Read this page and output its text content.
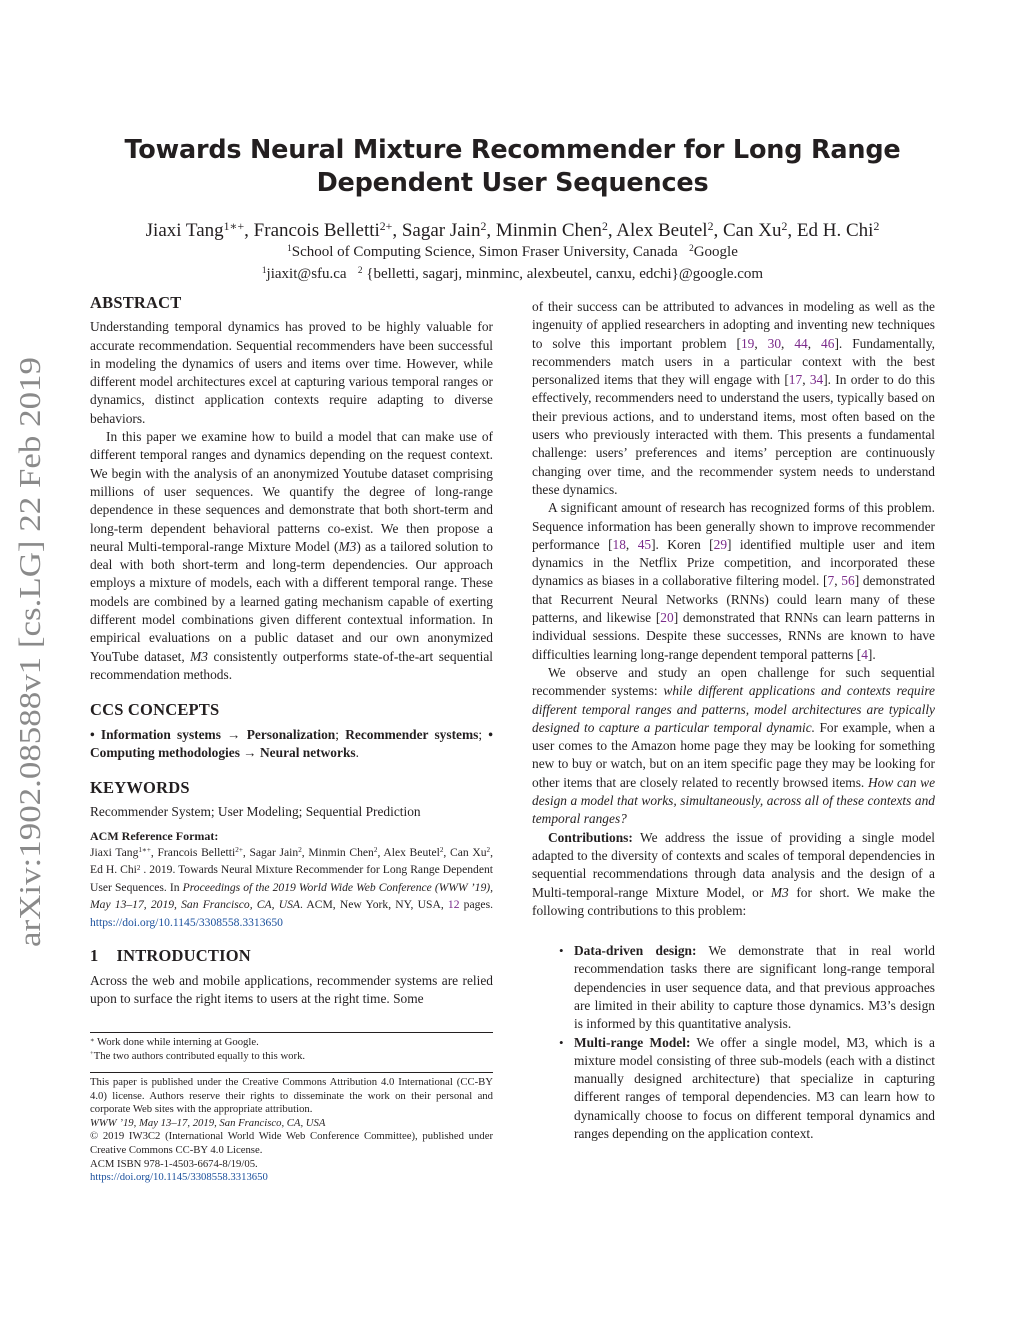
arXiv:1902.08588v1 [cs.LG] 22 Feb 2019
Towards Neural Mixture Recommender for Long Range
Dependent User Sequences
Jiaxi Tang$^{1∗+}$, Francois Belletti$^{2+}$, Sagar Jain$^2$, Minmin Chen$^2$, Alex Beutel$^2$, Can Xu$^2$, Ed H. Chi$^2$
$^1$School of Computing Science, Simon Fraser University, Canada $^2$Google
$^1$jiaxit@sfu.ca $^2$ {belletti, sagarj, minminc, alexbeutel, canxu, edchi}@google.com
ABSTRACT

Understanding temporal dynamics has proved to be highly valuable for accurate recommendation. Sequential recommenders have been successful in modeling the dynamics of users and items over time. However, while different model architectures excel at capturing various temporal ranges or dynamics, distinct application contexts require adapting to diverse behaviors.

In this paper we examine how to build a model that can make use of different temporal ranges and dynamics depending on the request context. We begin with the analysis of an anonymized Youtube dataset comprising millions of user sequences. We quantify the degree of long-range dependence in these sequences and demonstrate that both short-term and long-term dependent behavioral patterns co-exist. We then propose a neural Multi-temporal-range Mixture Model (M3) as a tailored solution to deal with both short-term and long-term dependencies. Our approach employs a mixture of models, each with a different temporal range. These models are combined by a learned gating mechanism capable of exerting different model combinations given different contextual information. In empirical evaluations on a public dataset and our own anonymized YouTube dataset, M3 consistently outperforms state-of-the-art sequential recommendation methods.

CCS CONCEPTS

• Information systems → Personalization; Recommender systems; • Computing methodologies → Neural networks.

KEYWORDS

Recommender System; User Modeling; Sequential Prediction

ACM Reference Format:

Jiaxi Tang$^{1∗+}$, Francois Belletti$^{2+}$, Sagar Jain$^2$, Minmin Chen$^2$, Alex Beutel$^2$, Can Xu$^2$, Ed H. Chi$^2$ . 2019. Towards Neural Mixture Recommender for Long Range Dependent User Sequences. In Proceedings of the 2019 World Wide Web Conference (WWW ’19), May 13–17, 2019, San Francisco, CA, USA. ACM, New York, NY, USA, 12 pages. https://doi.org/10.1145/3308558.3313650

1 INTRODUCTION

Across the web and mobile applications, recommender systems are relied upon to surface the right items to users at the right time. Some

∗ Work done while interning at Google.
+The two authors contributed equally to this work.
This paper is published under the Creative Commons Attribution 4.0 International (CC-BY 4.0) license. Authors reserve their rights to disseminate the work on their personal and corporate Web sites with the appropriate attribution.
WWW ’19, May 13–17, 2019, San Francisco, CA, USA
© 2019 IW3C2 (International World Wide Web Conference Committee), published under Creative Commons CC-BY 4.0 License.
ACM ISBN 978-1-4503-6674-8/19/05.
https://doi.org/10.1145/3308558.3313650

of their success can be attributed to advances in modeling as well as the ingenuity of applied researchers in adopting and inventing new techniques to solve this important problem [19, 30, 44, 46]. Fundamentally, recommenders match users in a particular context with the best personalized items that they will engage with [17, 34]. In order to do this effectively, recommenders need to understand the users, typically based on their previous actions, and to understand items, most often based on the users who previously interacted with them. This presents a fundamental challenge: users’ preferences and items’ perception are continuously changing over time, and the recommender system needs to understand these dynamics.

A significant amount of research has recognized forms of this problem. Sequence information has been generally shown to improve recommender performance [18, 45]. Koren [29] identified multiple user and item dynamics in the Netflix Prize competition, and incorporated these dynamics as biases in a collaborative filtering model. [7, 56] demonstrated that Recurrent Neural Networks (RNNs) could learn many of these patterns, and likewise [20] demonstrated that RNNs can learn patterns in individual sessions. Despite these successes, RNNs are known to have difficulties learning long-range dependent temporal patterns [4].

We observe and study an open challenge for such sequential recommender systems: while different applications and contexts require different temporal ranges and patterns, model architectures are typically designed to capture a particular temporal dynamic. For example, when a user comes to the Amazon home page they may be looking for something new to buy or watch, but on an item specific page they may be looking for other items that are closely related to recently browsed items. How can we design a model that works, simultaneously, across all of these contexts and temporal ranges?

Contributions: We address the issue of providing a single model adapted to the diversity of contexts and scales of temporal dependencies in sequential recommendations through data analysis and the design of a Multi-temporal-range Mixture Model, or M3 for short. We make the following contributions to this problem:

• Data-driven design: We demonstrate that in real world recommendation tasks there are significant long-range temporal dependencies in user sequence data, and that previous approaches are limited in their ability to capture those dynamics. M3’s design is informed by this quantitative analysis.
• Multi-range Model: We offer a single model, M3, which is a mixture model consisting of three sub-models (each with a distinct manually designed architecture) that specialize in capturing different ranges of temporal dependencies. M3 can learn how to dynamically choose to focus on different temporal dynamics and ranges depending on the application context.
